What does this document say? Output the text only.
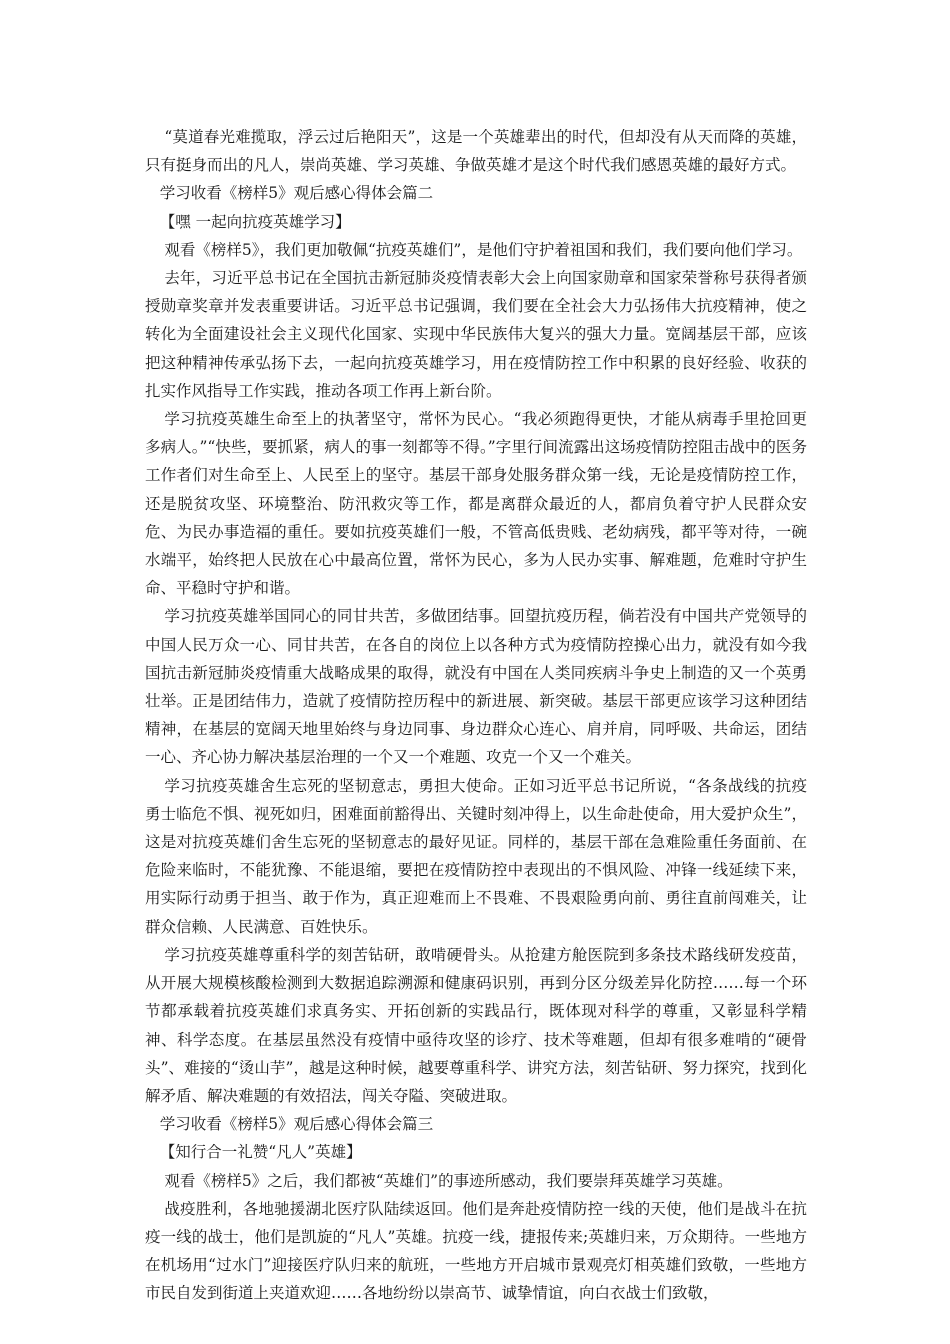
“莫道春光难揽取，浮云过后艳阳天”，这是一个英雄辈出的时代，但却没有从天而降的英雄，只有挺身而出的凡人，崇尚英雄、学习英雄、争做英雄才是这个时代我们感恩英雄的最好方式。

学习收看《榜样5》观后感心得体会篇二

【嘿 一起向抗疫英雄学习】

观看《榜样5》，我们更加敬佩“抗疫英雄们”，是他们守护着祖国和我们，我们要向他们学习。

去年，习近平总书记在全国抗击新冠肺炎疫情表彰大会上向国家勋章和国家荣誉称号获得者颁授勋章奖章并发表重要讲话。习近平总书记强调，我们要在全社会大力弘扬伟大抗疫精神，使之转化为全面建设社会主义现代化国家、实现中华民族伟大复兴的强大力量。宽阔基层干部，应该把这种精神传承弘扬下去，一起向抗疫英雄学习，用在疫情防控工作中积累的良好经验、收获的扎实作风指导工作实践，推动各项工作再上新台阶。

学习抗疫英雄生命至上的执著坚守，常怀为民心。“我必须跑得更快，才能从病毒手里抢回更多病人。”“快些，要抓紧，病人的事一刻都等不得。”字里行间流露出这场疫情防控阻击战中的医务工作者们对生命至上、人民至上的坚守。基层干部身处服务群众第一线，无论是疫情防控工作，还是脱贫攻坚、环境整治、防汛救灾等工作，都是离群众最近的人，都肩负着守护人民群众安危、为民办事造福的重任。要如抗疫英雄们一般，不管高低贵贱、老幼病残，都平等对待，一碗水端平，始终把人民放在心中最高位置，常怀为民心，多为人民办实事、解难题，危难时守护生命、平稳时守护和谐。

学习抗疫英雄举国同心的同甘共苦，多做团结事。回望抗疫历程，倘若没有中国共产党领导的中国人民万众一心、同甘共苦，在各自的岗位上以各种方式为疫情防控操心出力，就没有如今我国抗击新冠肺炎疫情重大战略成果的取得，就没有中国在人类同疾病斗争史上制造的又一个英勇壮举。正是团结伟力，造就了疫情防控历程中的新进展、新突破。基层干部更应该学习这种团结精神，在基层的宽阔天地里始终与身边同事、身边群众心连心、肩并肩，同呼吸、共命运，团结一心、齐心协力解决基层治理的一个又一个难题、攻克一个又一个难关。

学习抗疫英雄舍生忘死的坚韧意志，勇担大使命。正如习近平总书记所说，“各条战线的抗疫勇士临危不惧、视死如归，困难面前豁得出、关键时刻冲得上，以生命赴使命，用大爱护众生”，这是对抗疫英雄们舍生忘死的坚韧意志的最好见证。同样的，基层干部在急难险重任务面前、在危险来临时，不能犹豫、不能退缩，要把在疫情防控中表现出的不惧风险、冲锋一线延续下来，用实际行动勇于担当、敢于作为，真正迎难而上不畏难、不畏艰险勇向前、勇往直前闯难关，让群众信赖、人民满意、百姓快乐。

学习抗疫英雄尊重科学的刻苦钻研，敢啃硬骨头。从抢建方舱医院到多条技术路线研发疫苗，从开展大规模核酸检测到大数据追踪溯源和健康码识别，再到分区分级差异化防控……每一个环节都承载着抗疫英雄们求真务实、开拓创新的实践品行，既体现对科学的尊重，又彰显科学精神、科学态度。在基层虽然没有疫情中亟待攻坚的诊疗、技术等难题，但却有很多难啃的“硬骨头”、难接的“烫山芋”，越是这种时候，越要尊重科学、讲究方法，刻苦钻研、努力探究，找到化解矛盾、解决难题的有效招法，闯关夺隘、突破进取。

学习收看《榜样5》观后感心得体会篇三

【知行合一礼赞“凡人”英雄】

观看《榜样5》之后，我们都被“英雄们”的事迹所感动，我们要崇拜英雄学习英雄。

战疫胜利，各地驰援湖北医疗队陆续返回。他们是奔赴疫情防控一线的天使，他们是战斗在抗疫一线的战士，他们是凯旋的“凡人”英雄。抗疫一线，捷报传来;英雄归来，万众期待。一些地方在机场用“过水门”迎接医疗队归来的航班，一些地方开启城市景观亮灯相英雄们致敬，一些地方市民自发到街道上夹道欢迎……各地纷纷以崇高节、诚挚情谊，向白衣战士们致敬，
